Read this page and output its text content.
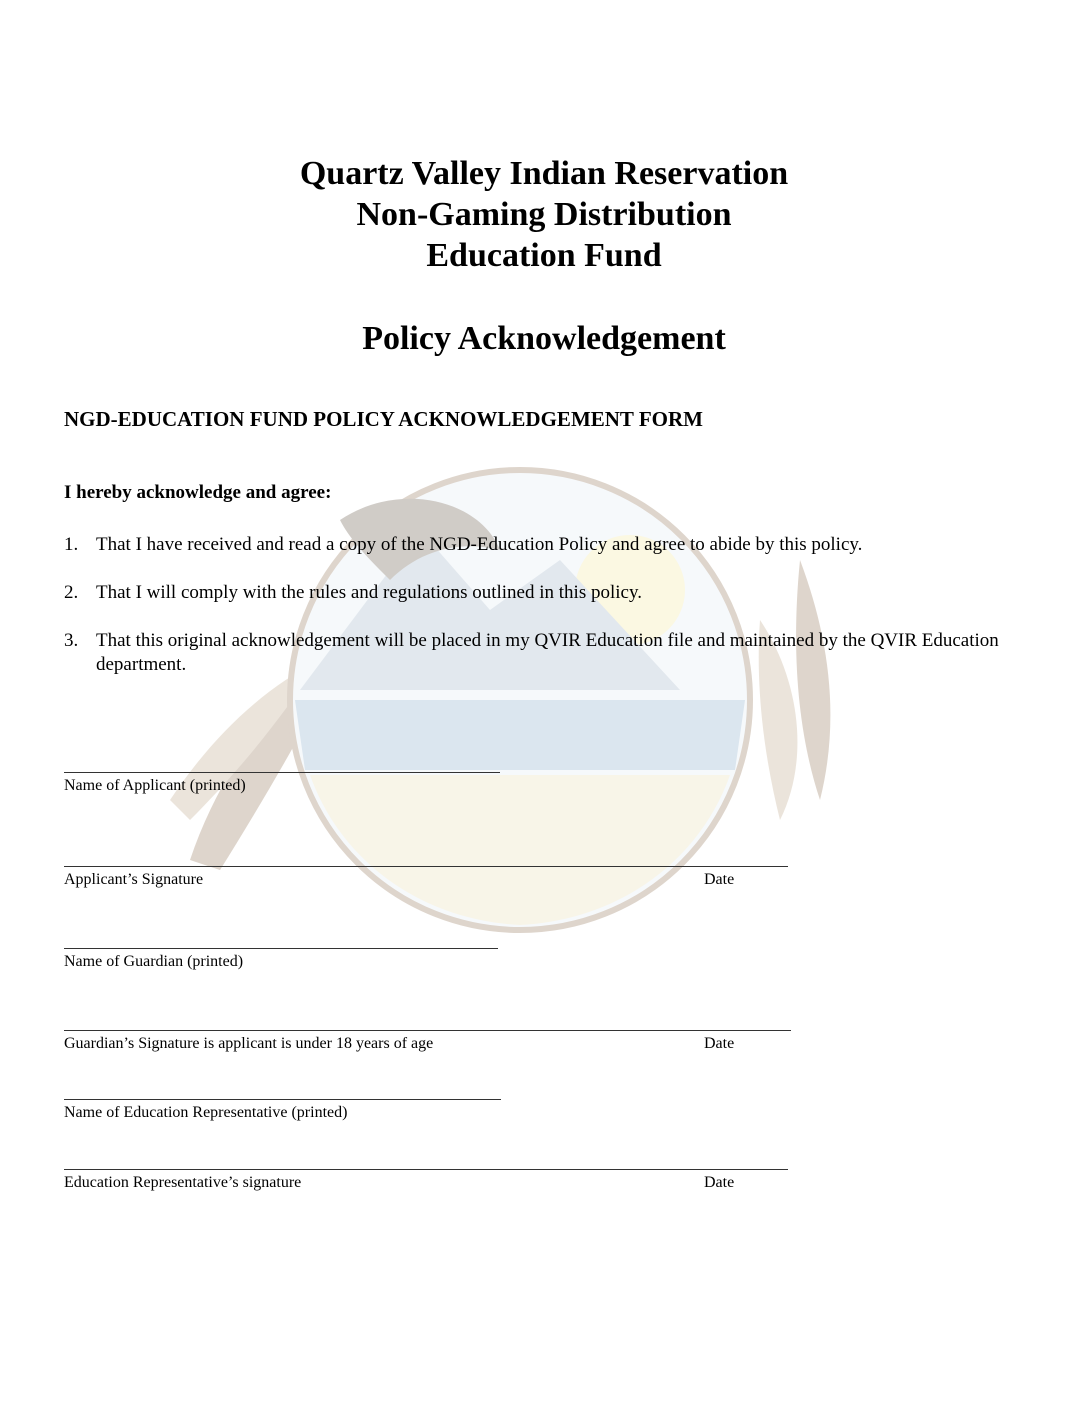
Quartz Valley Indian Reservation
Non-Gaming Distribution
Education Fund
Policy Acknowledgement
NGD-EDUCATION FUND POLICY ACKNOWLEDGEMENT FORM
I hereby acknowledge and agree:
1. That I have received and read a copy of the NGD-Education Policy and agree to abide by this policy.
2. That I will comply with the rules and regulations outlined in this policy.
3. That this original acknowledgement will be placed in my QVIR Education file and maintained by the QVIR Education department.
Name of Applicant (printed)
Applicant’s Signature	Date
Name of Guardian (printed)
Guardian’s Signature is applicant is under 18 years of age	Date
Name of Education Representative (printed)
Education Representative’s signature	Date
